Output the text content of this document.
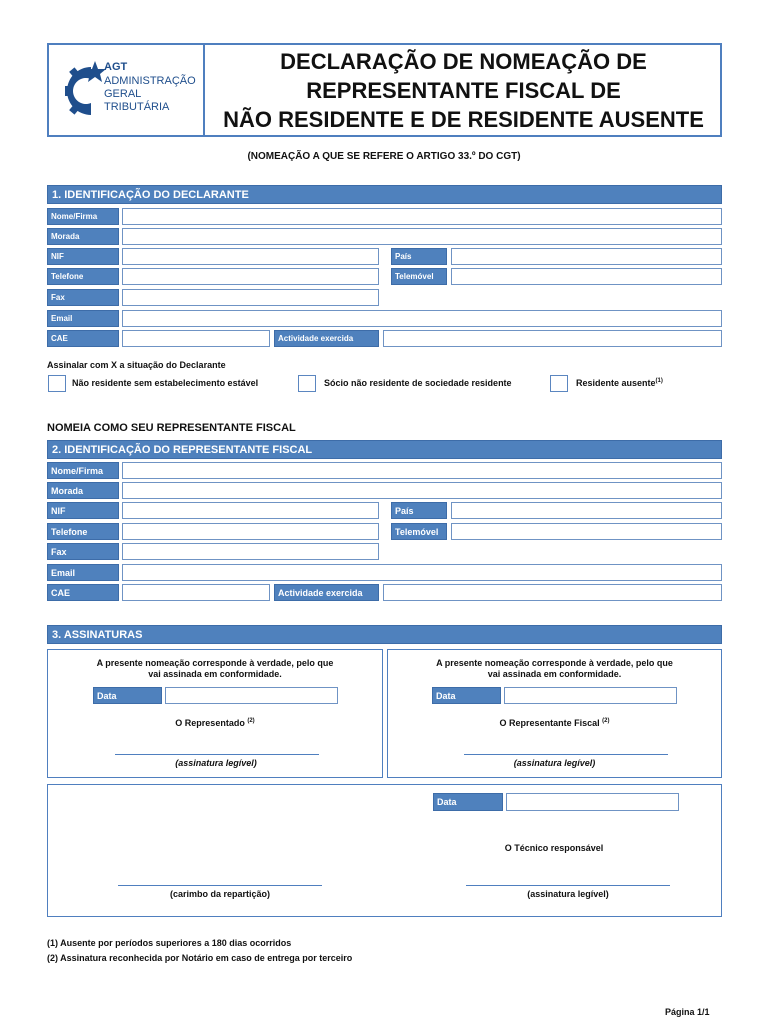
AGT
ADMINISTRAÇÃO
GERAL
TRIBUTÁRIA
DECLARAÇÃO DE NOMEAÇÃO DE
REPRESENTANTE FISCAL DE
NÃO RESIDENTE E DE RESIDENTE AUSENTE
(NOMEAÇÃO A QUE SE REFERE O ARTIGO 33.º DO CGT)
1. IDENTIFICAÇÃO DO DECLARANTE
Nome/Firma
Morada
NIF	País
Telefone	Telemóvel
Fax
Email
CAE	Actividade exercida
Assinalar com X a situação do Declarante
Não residente sem estabelecimento estável	Sócio não residente de sociedade residente	Residente ausente$^{(1)}$
NOMEIA COMO SEU REPRESENTANTE FISCAL
2. IDENTIFICAÇÃO DO REPRESENTANTE FISCAL
Nome/Firma
Morada
NIF	País
Telefone	Telemóvel
Fax
Email
CAE	Actividade exercida
3. ASSINATURAS
A presente nomeação corresponde à verdade, pelo que
vai assinada em conformidade.
Data
O Representado $^{(2)}$
(assinatura legível)
A presente nomeação corresponde à verdade, pelo que
vai assinada em conformidade.
Data
O Representante Fiscal $^{(2)}$
(assinatura legível)
Data
O Técnico responsável
(carimbo da repartição)	(assinatura legível)
(1) Ausente por períodos superiores a 180 dias ocorridos
(2) Assinatura reconhecida por Notário em caso de entrega por terceiro
Página 1/1
